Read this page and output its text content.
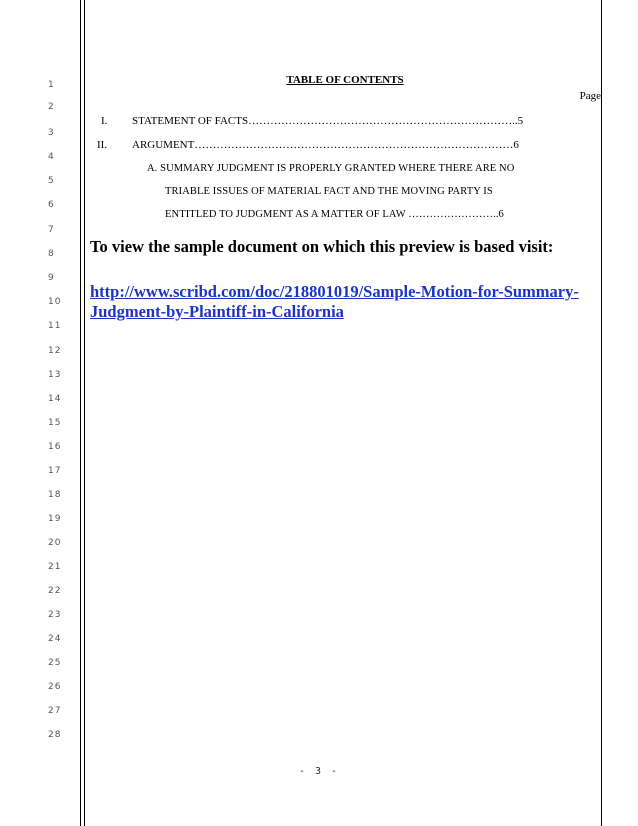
1
2
3
4
5
6
7
8
9
10
11
12
13
14
15
16
17
18
19
20
21
22
23
24
25
26
27
28
TABLE OF CONTENTS
Page
I. STATEMENT OF FACTS………………………………………………………………..5
II. ARGUMENT……………………………………………………………………………6
A. SUMMARY JUDGMENT IS PROPERLY GRANTED WHERE THERE ARE NO
TRIABLE ISSUES OF MATERIAL FACT AND THE MOVING PARTY IS
ENTITLED TO JUDGMENT AS A MATTER OF LAW ……………………..6
To view the sample document on which this preview is based visit:
http://www.scribd.com/doc/218801019/Sample-Motion-for-Summary-
Judgment-by-Plaintiff-in-California
- 3 -
